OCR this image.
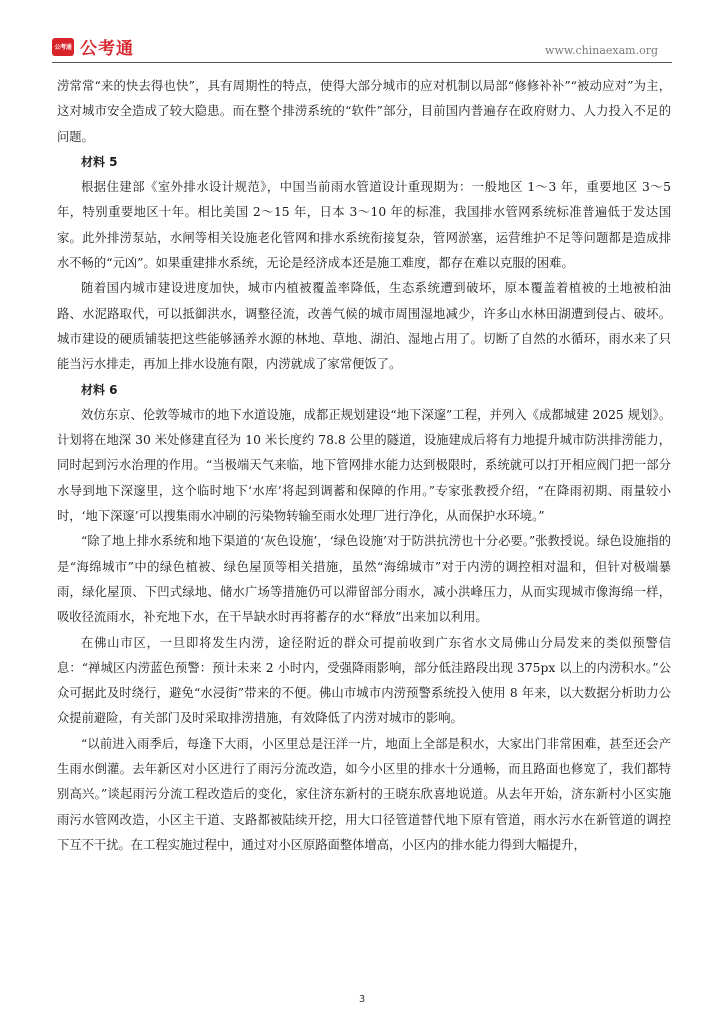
公考通 公考通	www.chinaexam.org

涝常常“来的快去得也快”，具有周期性的特点，使得大部分城市的应对机制以局部“修修补补”“被动应对”为主，这对城市安全造成了较大隐患。而在整个排涝系统的“软件”部分，目前国内普遍存在政府财力、人力投入不足的问题。

材料 5

根据住建部《室外排水设计规范》，中国当前雨水管道设计重现期为：一般地区 1～3 年，重要地区 3～5 年，特别重要地区十年。相比美国 2～15 年，日本 3～10 年的标准，我国排水管网系统标准普遍低于发达国家。此外排涝泵站，水闸等相关设施老化管网和排水系统衔接复杂，管网淤塞，运营维护不足等问题都是造成排水不畅的“元凶”。如果重建排水系统，无论是经济成本还是施工难度，都存在难以克服的困难。

随着国内城市建设进度加快，城市内植被覆盖率降低，生态系统遭到破坏，原本覆盖着植被的土地被柏油路、水泥路取代，可以抵御洪水，调整径流，改善气候的城市周围湿地减少，许多山水林田湖遭到侵占、破坏。城市建设的硬质铺装把这些能够涵养水源的林地、草地、湖泊、湿地占用了。切断了自然的水循环，雨水来了只能当污水排走，再加上排水设施有限，内涝就成了家常便饭了。

材料 6

效仿东京、伦敦等城市的地下水道设施，成都正规划建设“地下深邃”工程，并列入《成都城建 2025 规划》。计划将在地深 30 米处修建直径为 10 米长度约 78.8 公里的隧道，设施建成后将有力地提升城市防洪排涝能力，同时起到污水治理的作用。“当极端天气来临，地下管网排水能力达到极限时，系统就可以打开相应阀门把一部分水导到地下深邃里，这个临时地下‘水库’将起到调蓄和保障的作用。”专家张教授介绍，“在降雨初期、雨量较小时，‘地下深邃’可以搜集雨水冲刷的污染物转输至雨水处理厂进行净化，从而保护水环境。”

“除了地上排水系统和地下渠道的‘灰色设施’，‘绿色设施’对于防洪抗涝也十分必要。”张教授说。绿色设施指的是“海绵城市”中的绿色植被、绿色屋顶等相关措施，虽然“海绵城市”对于内涝的调控相对温和，但针对极端暴雨，绿化屋顶、下凹式绿地、储水广场等措施仍可以滞留部分雨水，减小洪峰压力，从而实现城市像海绵一样，吸收径流雨水，补充地下水，在干旱缺水时再将蓄存的水“释放”出来加以利用。

在佛山市区，一旦即将发生内涝，途径附近的群众可提前收到广东省水文局佛山分局发来的类似预警信息：“禅城区内涝蓝色预警：预计未来 2 小时内，受强降雨影响，部分低洼路段出现 375px 以上的内涝积水。”公众可据此及时绕行，避免“水浸街”带来的不便。佛山市城市内涝预警系统投入使用 8 年来，以大数据分析助力公众提前避险，有关部门及时采取排涝措施，有效降低了内涝对城市的影响。

“以前进入雨季后，每逢下大雨，小区里总是汪洋一片，地面上全部是积水，大家出门非常困难，甚至还会产生雨水倒灌。去年新区对小区进行了雨污分流改造，如今小区里的排水十分通畅，而且路面也修宽了，我们都特别高兴。”谈起雨污分流工程改造后的变化，家住济东新村的王晓东欣喜地说道。从去年开始，济东新村小区实施雨污水管网改造，小区主干道、支路都被陆续开挖，用大口径管道替代地下原有管道，雨水污水在新管道的调控下互不干扰。在工程实施过程中，通过对小区原路面整体增高，小区内的排水能力得到大幅提升，

3
